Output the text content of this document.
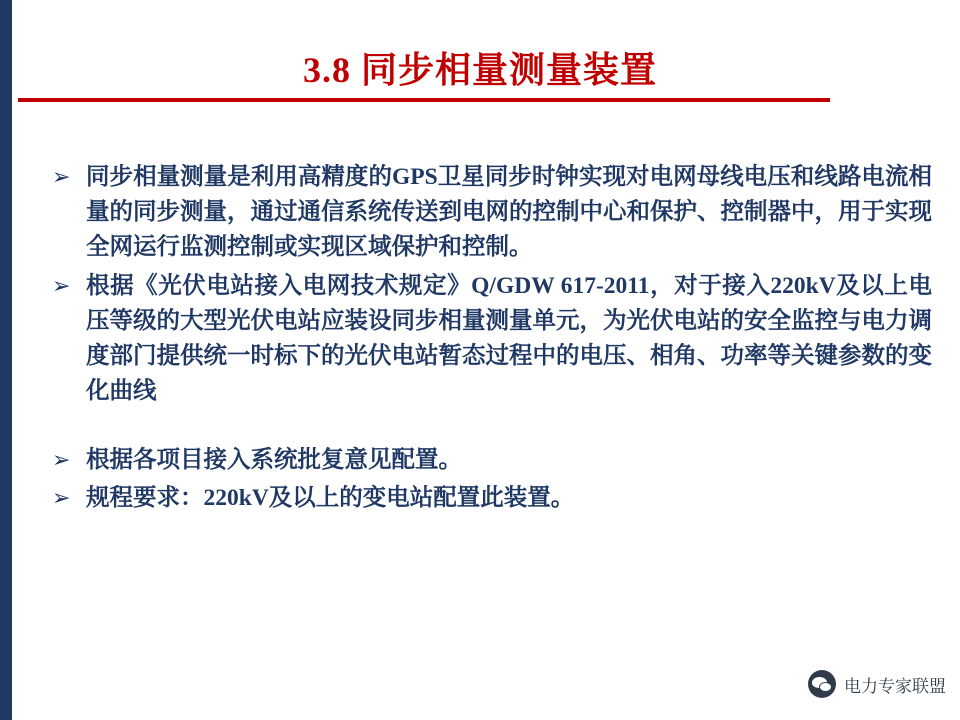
3.8 同步相量测量装置
➢ 同步相量测量是利用高精度的GPS卫星同步时钟实现对电网母线电压和线路电流相量的同步测量，通过通信系统传送到电网的控制中心和保护、控制器中，用于实现全网运行监测控制或实现区域保护和控制。
➢ 根据《光伏电站接入电网技术规定》Q/GDW 617-2011，对于接入220kV及以上电压等级的大型光伏电站应装设同步相量测量单元，为光伏电站的安全监控与电力调度部门提供统一时标下的光伏电站暂态过程中的电压、相角、功率等关键参数的变化曲线
➢ 根据各项目接入系统批复意见配置。
➢ 规程要求：220kV及以上的变电站配置此装置。
电力专家联盟
